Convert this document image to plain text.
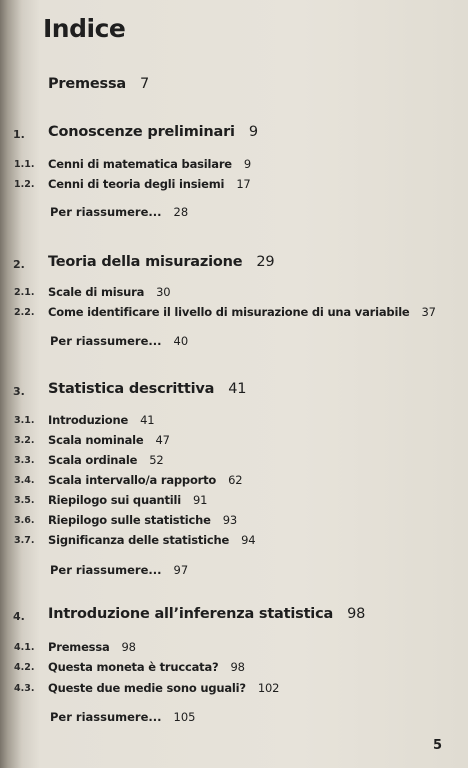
Indice
Premessa 7
1. Conoscenze preliminari 9
1.1. Cenni di matematica basilare 9
1.2. Cenni di teoria degli insiemi 17
Per riassumere... 28
2. Teoria della misurazione 29
2.1. Scale di misura 30
2.2. Come identificare il livello di misurazione di una variabile 37
Per riassumere... 40
3. Statistica descrittiva 41
3.1. Introduzione 41
3.2. Scala nominale 47
3.3. Scala ordinale 52
3.4. Scala intervallo/a rapporto 62
3.5. Riepilogo sui quantili 91
3.6. Riepilogo sulle statistiche 93
3.7. Significanza delle statistiche 94
Per riassumere... 97
4. Introduzione all’inferenza statistica 98
4.1. Premessa 98
4.2. Questa moneta è truccata? 98
4.3. Queste due medie sono uguali? 102
Per riassumere... 105
5
